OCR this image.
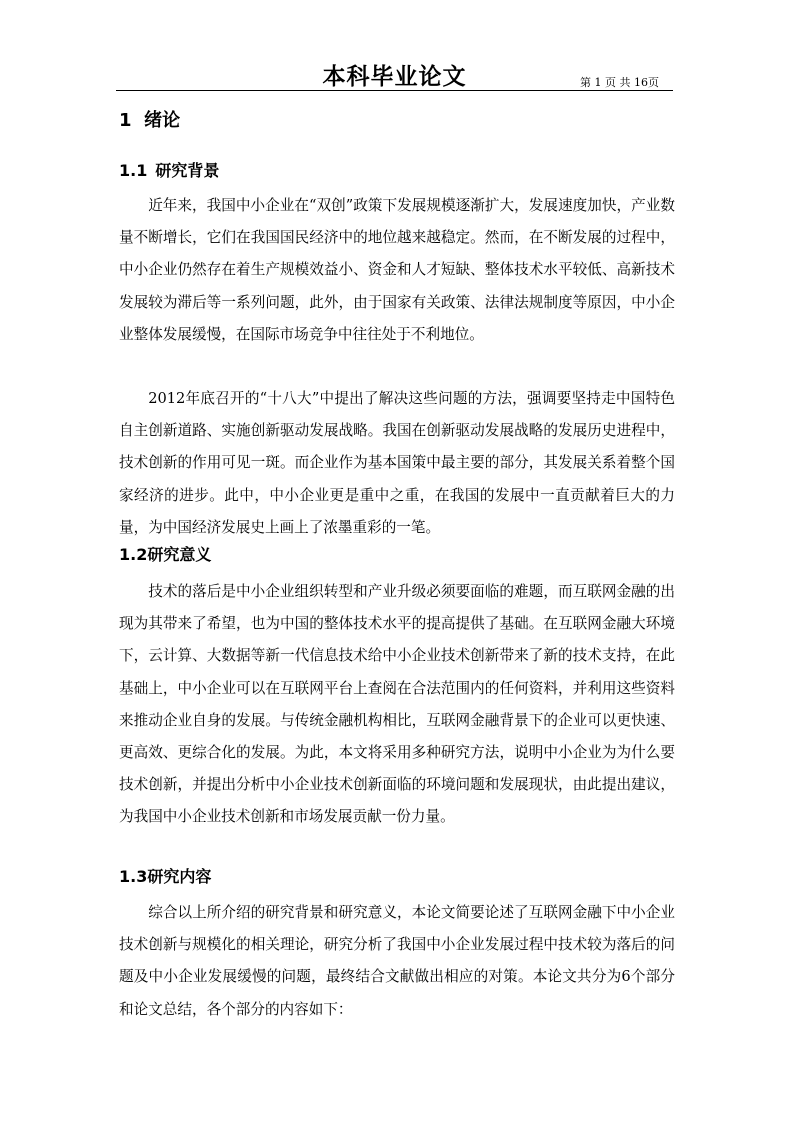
本科毕业论文	第 1 页 共 16页
1 绪论
1.1 研究背景

近年来，我国中小企业在“双创”政策下发展规模逐渐扩大，发展速度加快，产业数量不断增长，它们在我国国民经济中的地位越来越稳定。然而，在不断发展的过程中，中小企业仍然存在着生产规模效益小、资金和人才短缺、整体技术水平较低、高新技术发展较为滞后等一系列问题，此外，由于国家有关政策、法律法规制度等原因，中小企业整体发展缓慢，在国际市场竞争中往往处于不利地位。

2012年底召开的“十八大”中提出了解决这些问题的方法，强调要坚持走中国特色自主创新道路、实施创新驱动发展战略。我国在创新驱动发展战略的发展历史进程中，技术创新的作用可见一斑。而企业作为基本国策中最主要的部分，其发展关系着整个国家经济的进步。此中，中小企业更是重中之重，在我国的发展中一直贡献着巨大的力量，为中国经济发展史上画上了浓墨重彩的一笔。

1.2研究意义

技术的落后是中小企业组织转型和产业升级必须要面临的难题，而互联网金融的出现为其带来了希望，也为中国的整体技术水平的提高提供了基础。在互联网金融大环境下，云计算、大数据等新一代信息技术给中小企业技术创新带来了新的技术支持，在此基础上，中小企业可以在互联网平台上查阅在合法范围内的任何资料，并利用这些资料来推动企业自身的发展。与传统金融机构相比，互联网金融背景下的企业可以更快速、更高效、更综合化的发展。为此，本文将采用多种研究方法，说明中小企业为为什么要技术创新，并提出分析中小企业技术创新面临的环境问题和发展现状，由此提出建议，为我国中小企业技术创新和市场发展贡献一份力量。

1.3研究内容

综合以上所介绍的研究背景和研究意义，本论文简要论述了互联网金融下中小企业技术创新与规模化的相关理论，研究分析了我国中小企业发展过程中技术较为落后的问题及中小企业发展缓慢的问题，最终结合文献做出相应的对策。本论文共分为6个部分和论文总结，各个部分的内容如下：
